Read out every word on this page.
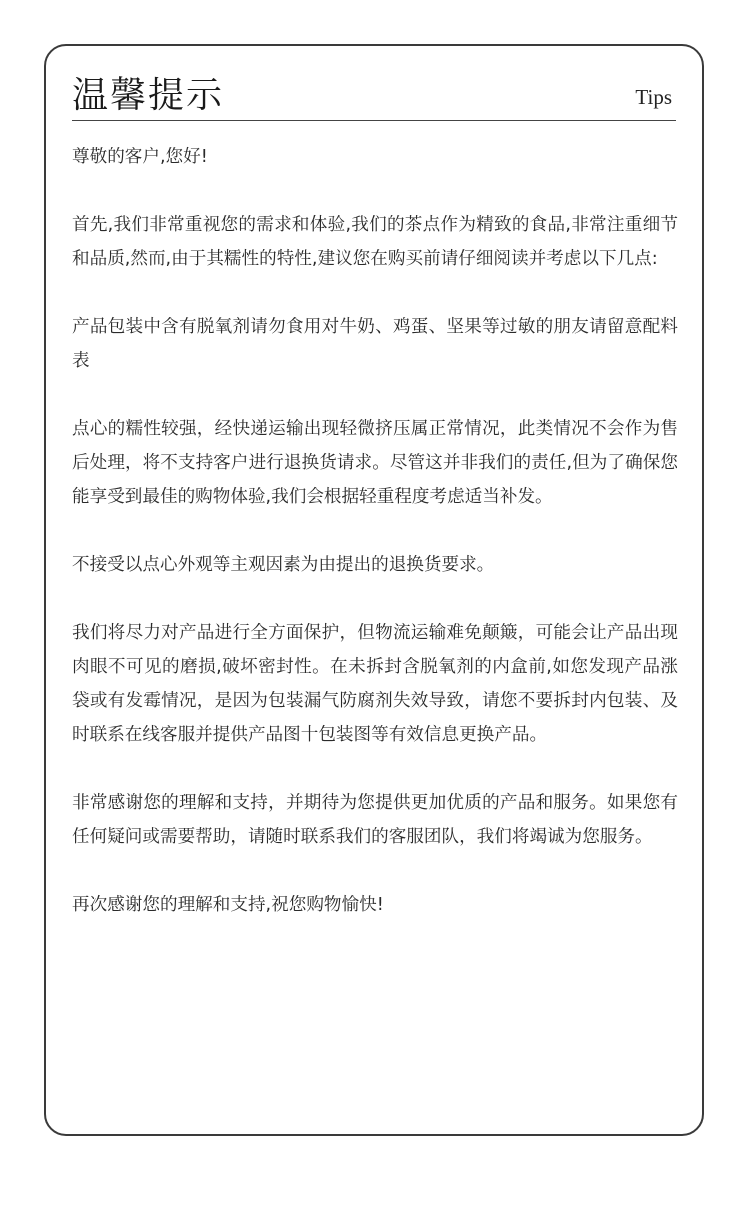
温馨提示	Tips

尊敬的客户,您好!

首先,我们非常重视您的需求和体验,我们的茶点作为精致的食品,非常注重细节和品质,然而,由于其糯性的特性,建议您在购买前请仔细阅读并考虑以下几点:

产品包装中含有脱氧剂请勿食用对牛奶、鸡蛋、坚果等过敏的朋友请留意配料表

点心的糯性较强，经快递运输出现轻微挤压属正常情况，此类情况不会作为售后处理，将不支持客户进行退换货请求。尽管这并非我们的责任,但为了确保您能享受到最佳的购物体验,我们会根据轻重程度考虑适当补发。

不接受以点心外观等主观因素为由提出的退换货要求。

我们将尽力对产品进行全方面保护，但物流运输难免颠簸，可能会让产品出现肉眼不可见的磨损,破坏密封性。在未拆封含脱氧剂的内盒前,如您发现产品涨袋或有发霉情况，是因为包装漏气防腐剂失效导致，请您不要拆封内包装、及时联系在线客服并提供产品图十包装图等有效信息更换产品。

非常感谢您的理解和支持，并期待为您提供更加优质的产品和服务。如果您有任何疑问或需要帮助，请随时联系我们的客服团队，我们将竭诚为您服务。

再次感谢您的理解和支持,祝您购物愉快!
